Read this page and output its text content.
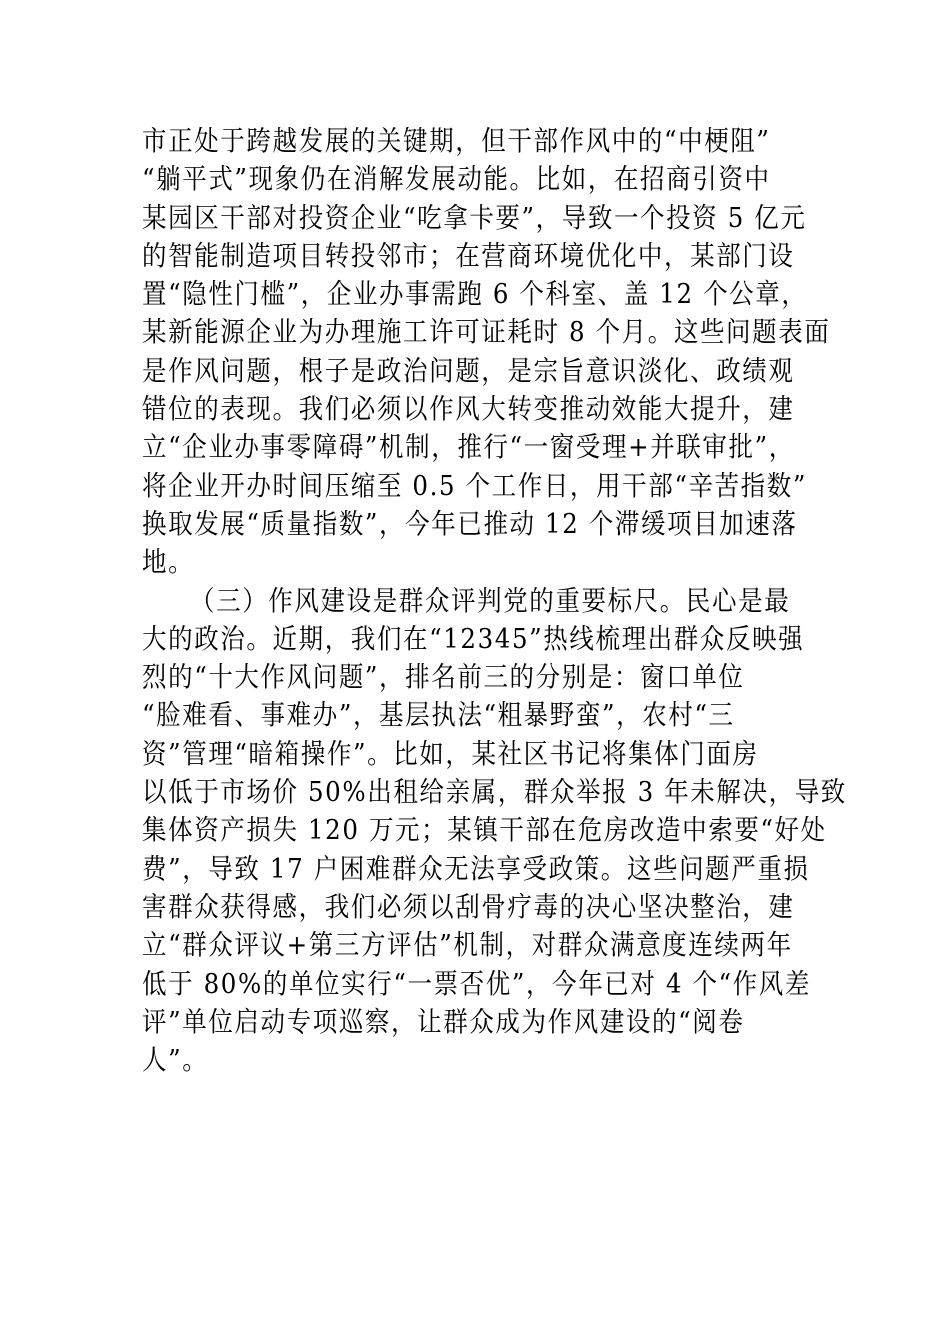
市正处于跨越发展的关键期，但干部作风中的“中梗阻”
“躺平式”现象仍在消解发展动能。比如，在招商引资中
某园区干部对投资企业“吃拿卡要”，导致一个投资 5 亿元
的智能制造项目转投邻市；在营商环境优化中，某部门设
置“隐性门槛”，企业办事需跑 6 个科室、盖 12 个公章，
某新能源企业为办理施工许可证耗时 8 个月。这些问题表面
是作风问题，根子是政治问题，是宗旨意识淡化、政绩观
错位的表现。我们必须以作风大转变推动效能大提升，建
立“企业办事零障碍”机制，推行“一窗受理+并联审批”，
将企业开办时间压缩至 0.5 个工作日，用干部“辛苦指数”
换取发展“质量指数”，今年已推动 12 个滞缓项目加速落
地。
（三）作风建设是群众评判党的重要标尺。民心是最
大的政治。近期，我们在“12345”热线梳理出群众反映强
烈的“十大作风问题”，排名前三的分别是：窗口单位
“脸难看、事难办”，基层执法“粗暴野蛮”，农村“三
资”管理“暗箱操作”。比如，某社区书记将集体门面房
以低于市场价 50%出租给亲属，群众举报 3 年未解决，导致
集体资产损失 120 万元；某镇干部在危房改造中索要“好处
费”，导致 17 户困难群众无法享受政策。这些问题严重损
害群众获得感，我们必须以刮骨疗毒的决心坚决整治，建
立“群众评议+第三方评估”机制，对群众满意度连续两年
低于 80%的单位实行“一票否优”，今年已对 4 个“作风差
评”单位启动专项巡察，让群众成为作风建设的“阅卷
人”。
